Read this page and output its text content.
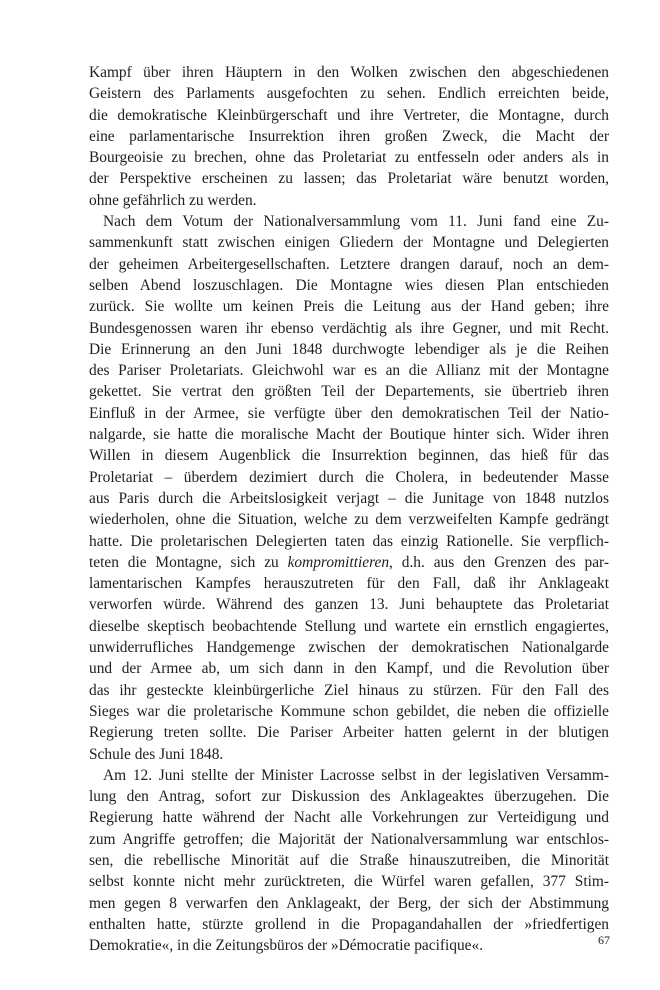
Kampf über ihren Häuptern in den Wolken zwischen den abgeschiedenen
Geistern des Parlaments ausgefochten zu sehen. Endlich erreichten beide,
die demokratische Kleinbürgerschaft und ihre Vertreter, die Montagne, durch
eine parlamentarische Insurrektion ihren großen Zweck, die Macht der
Bourgeoisie zu brechen, ohne das Proletariat zu entfesseln oder anders als in
der Perspektive erscheinen zu lassen; das Proletariat wäre benutzt worden,
ohne gefährlich zu werden.
Nach dem Votum der Nationalversammlung vom 11. Juni fand eine Zu-
sammenkunft statt zwischen einigen Gliedern der Montagne und Delegierten
der geheimen Arbeitergesellschaften. Letztere drangen darauf, noch an dem-
selben Abend loszuschlagen. Die Montagne wies diesen Plan entschieden
zurück. Sie wollte um keinen Preis die Leitung aus der Hand geben; ihre
Bundesgenossen waren ihr ebenso verdächtig als ihre Gegner, und mit Recht.
Die Erinnerung an den Juni 1848 durchwogte lebendiger als je die Reihen
des Pariser Proletariats. Gleichwohl war es an die Allianz mit der Montagne
gekettet. Sie vertrat den größten Teil der Departements, sie übertrieb ihren
Einfluß in der Armee, sie verfügte über den demokratischen Teil der Natio-
nalgarde, sie hatte die moralische Macht der Boutique hinter sich. Wider ihren
Willen in diesem Augenblick die Insurrektion beginnen, das hieß für das
Proletariat – überdem dezimiert durch die Cholera, in bedeutender Masse
aus Paris durch die Arbeitslosigkeit verjagt – die Junitage von 1848 nutzlos
wiederholen, ohne die Situation, welche zu dem verzweifelten Kampfe gedrängt
hatte. Die proletarischen Delegierten taten das einzig Rationelle. Sie verpflich-
teten die Montagne, sich zu kompromittieren, d.h. aus den Grenzen des par-
lamentarischen Kampfes herauszutreten für den Fall, daß ihr Anklageakt
verworfen würde. Während des ganzen 13. Juni behauptete das Proletariat
dieselbe skeptisch beobachtende Stellung und wartete ein ernstlich engagiertes,
unwiderrufliches Handgemenge zwischen der demokratischen Nationalgarde
und der Armee ab, um sich dann in den Kampf, und die Revolution über
das ihr gesteckte kleinbürgerliche Ziel hinaus zu stürzen. Für den Fall des
Sieges war die proletarische Kommune schon gebildet, die neben die offizielle
Regierung treten sollte. Die Pariser Arbeiter hatten gelernt in der blutigen
Schule des Juni 1848.
Am 12. Juni stellte der Minister Lacrosse selbst in der legislativen Versamm-
lung den Antrag, sofort zur Diskussion des Anklageaktes überzugehen. Die
Regierung hatte während der Nacht alle Vorkehrungen zur Verteidigung und
zum Angriffe getroffen; die Majorität der Nationalversammlung war entschlos-
sen, die rebellische Minorität auf die Straße hinauszutreiben, die Minorität
selbst konnte nicht mehr zurücktreten, die Würfel waren gefallen, 377 Stim-
men gegen 8 verwarfen den Anklageakt, der Berg, der sich der Abstimmung
enthalten hatte, stürzte grollend in die Propagandahallen der »friedfertigen
Demokratie«, in die Zeitungsbüros der »Démocratie pacifique«.	67
